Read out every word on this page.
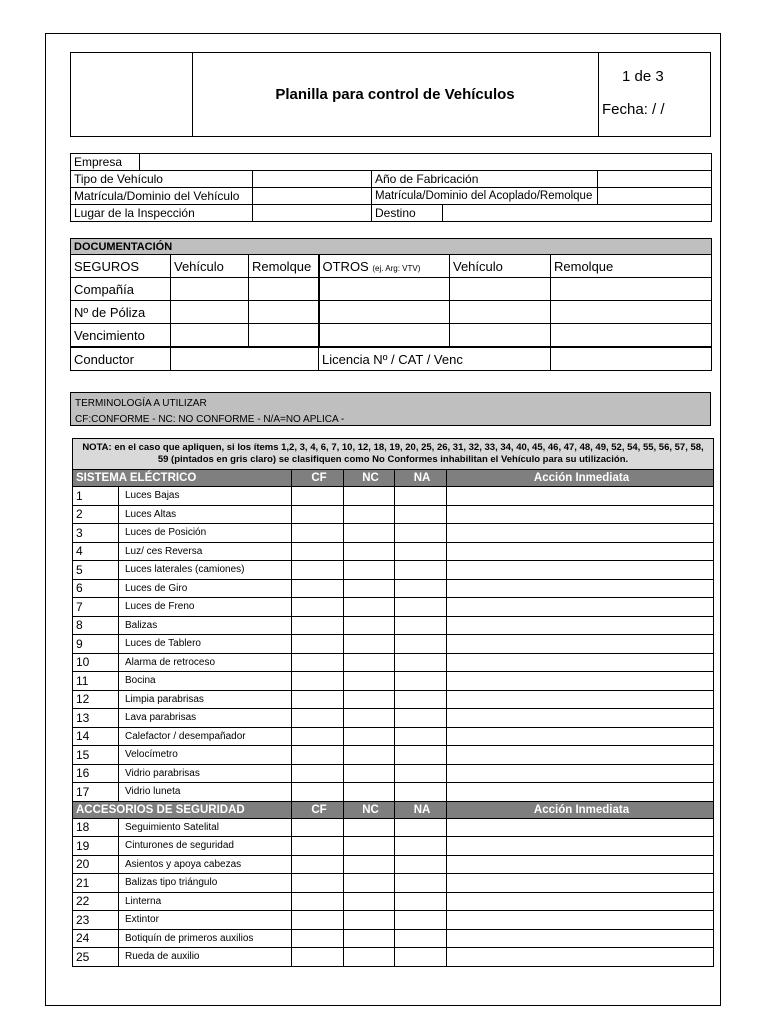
Planilla para control de Vehículos
1 de 3
Fecha: / /
Empresa					
Tipo de Vehículo			Año de Fabricación		
Matrícula/Dominio del Vehículo			Matrícula/Dominio del Acoplado/Remolque		
Lugar de la Inspección			Destino		
DOCUMENTACIÓN					
SEGUROS	Vehículo	Remolque	OTROS (ej. Arg: VTV)	Vehículo	Remolque
Compañía					
Nº de Póliza					
Vencimiento					
Conductor			Licencia Nº / CAT / Venc		
TERMINOLOGÍA A UTILIZAR
CF:CONFORME - NC: NO CONFORME - N/A=NO APLICA -
NOTA: en el caso que apliquen, si los ítems 1,2, 3, 4, 6, 7, 10, 12, 18, 19, 20, 25, 26, 31, 32, 33, 34, 40, 45, 46, 47, 48, 49, 52, 54, 55, 56, 57, 58, 59 (pintados en gris claro) se clasifiquen como No Conformes inhabilitan el Vehículo para su utilización.					
SISTEMA ELÉCTRICO		CF	NC	NA	Acción Inmediata
1	Luces Bajas				
2	Luces Altas				
3	Luces de Posición				
4	Luz/ ces Reversa				
5	Luces laterales (camiones)				
6	Luces de Giro				
7	Luces de Freno				
8	Balizas				
9	Luces de Tablero				
10	Alarma de retroceso				
11	Bocina				
12	Limpia parabrisas				
13	Lava parabrisas				
14	Calefactor / desempañador				
15	Velocímetro				
16	Vidrio parabrisas				
17	Vidrio luneta				
ACCESORIOS DE SEGURIDAD		CF	NC	NA	Acción Inmediata
18	Seguimiento Satelital				
19	Cinturones de seguridad				
20	Asientos y apoya cabezas				
21	Balizas tipo triángulo				
22	Linterna				
23	Extintor				
24	Botiquín de primeros auxilios				
25	Rueda de auxilio				
